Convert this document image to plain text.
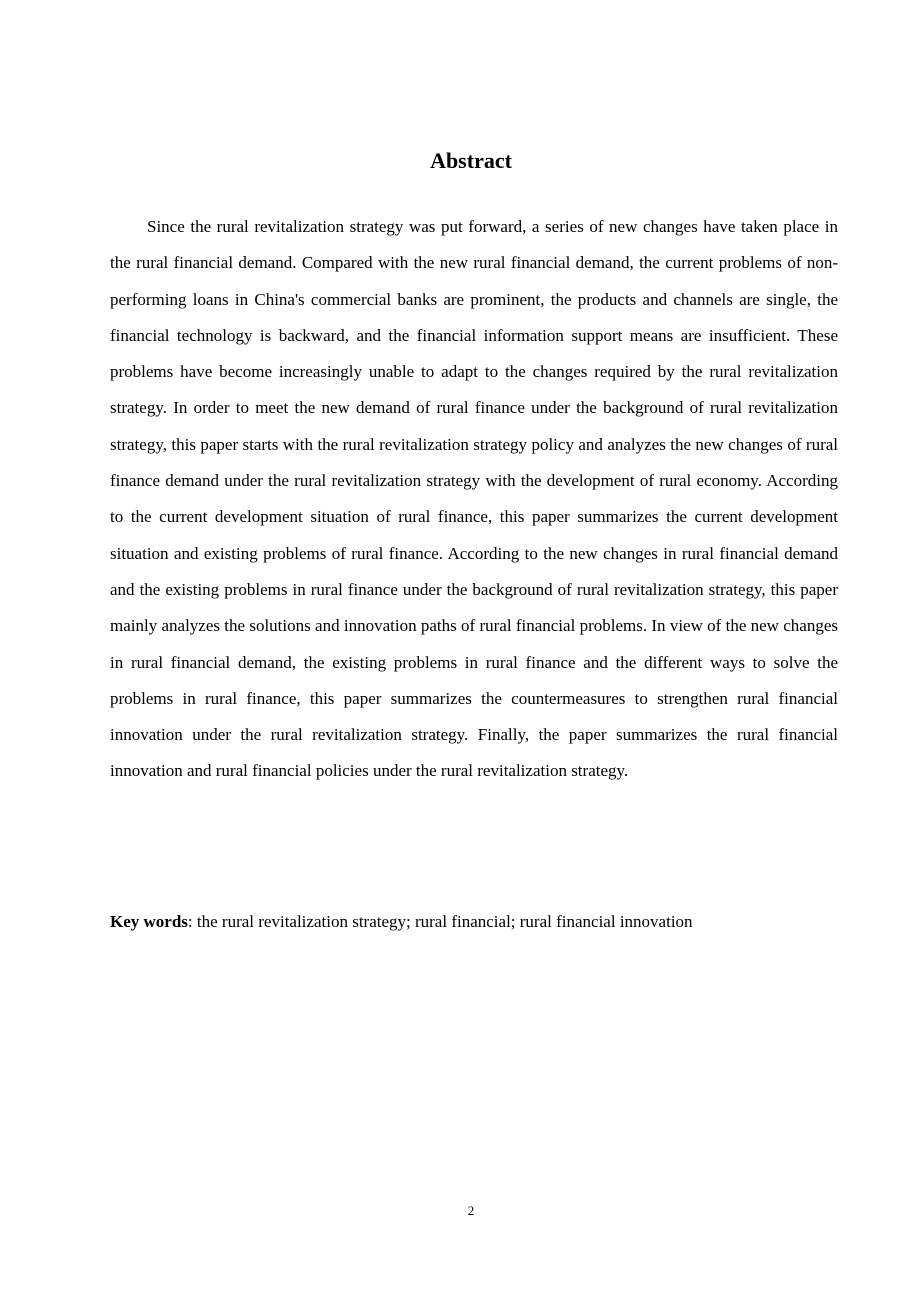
Abstract

Since the rural revitalization strategy was put forward, a series of new changes have taken place in the rural financial demand. Compared with the new rural financial demand, the current problems of non-performing loans in China's commercial banks are prominent, the products and channels are single, the financial technology is backward, and the financial information support means are insufficient. These problems have become increasingly unable to adapt to the changes required by the rural revitalization strategy. In order to meet the new demand of rural finance under the background of rural revitalization strategy, this paper starts with the rural revitalization strategy policy and analyzes the new changes of rural finance demand under the rural revitalization strategy with the development of rural economy. According to the current development situation of rural finance, this paper summarizes the current development situation and existing problems of rural finance. According to the new changes in rural financial demand and the existing problems in rural finance under the background of rural revitalization strategy, this paper mainly analyzes the solutions and innovation paths of rural financial problems. In view of the new changes in rural financial demand, the existing problems in rural finance and the different ways to solve the problems in rural finance, this paper summarizes the countermeasures to strengthen rural financial innovation under the rural revitalization strategy. Finally, the paper summarizes the rural financial innovation and rural financial policies under the rural revitalization strategy.

Key words: the rural revitalization strategy; rural financial; rural financial innovation
2
